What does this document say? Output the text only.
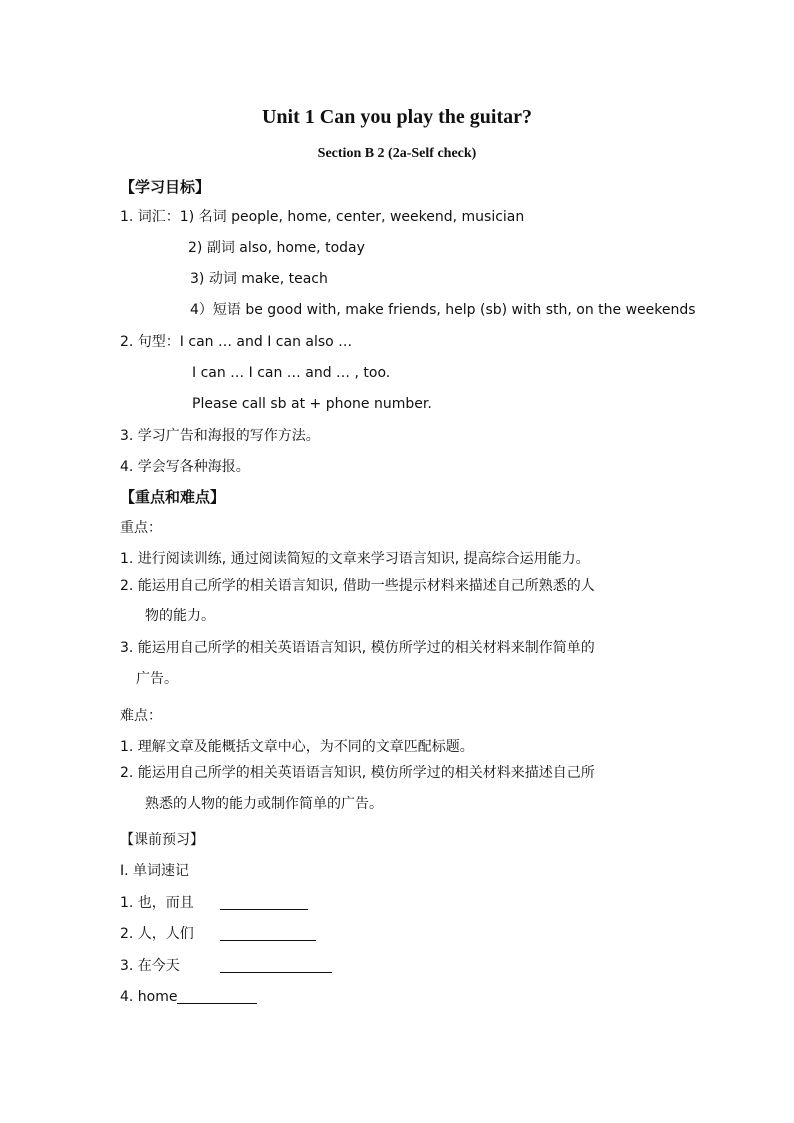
Unit 1 Can you play the guitar?
Section B 2 (2a-Self check)
【学习目标】
1. 词汇：1) 名词 people, home, center, weekend, musician
2) 副词 also, home, today
3) 动词 make, teach
4）短语 be good with, make friends, help (sb) with sth, on the weekends
2. 句型：I can … and I can also …
I can … I can … and … , too.
Please call sb at + phone number.
3. 学习广告和海报的写作方法。
4. 学会写各种海报。
【重点和难点】
重点：
1. 进行阅读训练, 通过阅读简短的文章来学习语言知识, 提高综合运用能力。
2. 能运用自己所学的相关语言知识, 借助一些提示材料来描述自己所熟悉的人
物的能力。
3. 能运用自己所学的相关英语语言知识, 模仿所学过的相关材料来制作简单的
广告。
难点：
1. 理解文章及能概括文章中心，为不同的文章匹配标题。
2. 能运用自己所学的相关英语语言知识, 模仿所学过的相关材料来描述自己所
熟悉的人物的能力或制作简单的广告。
【课前预习】
I. 单词速记
1. 也，而且
2. 人，人们
3. 在今天
4. home
